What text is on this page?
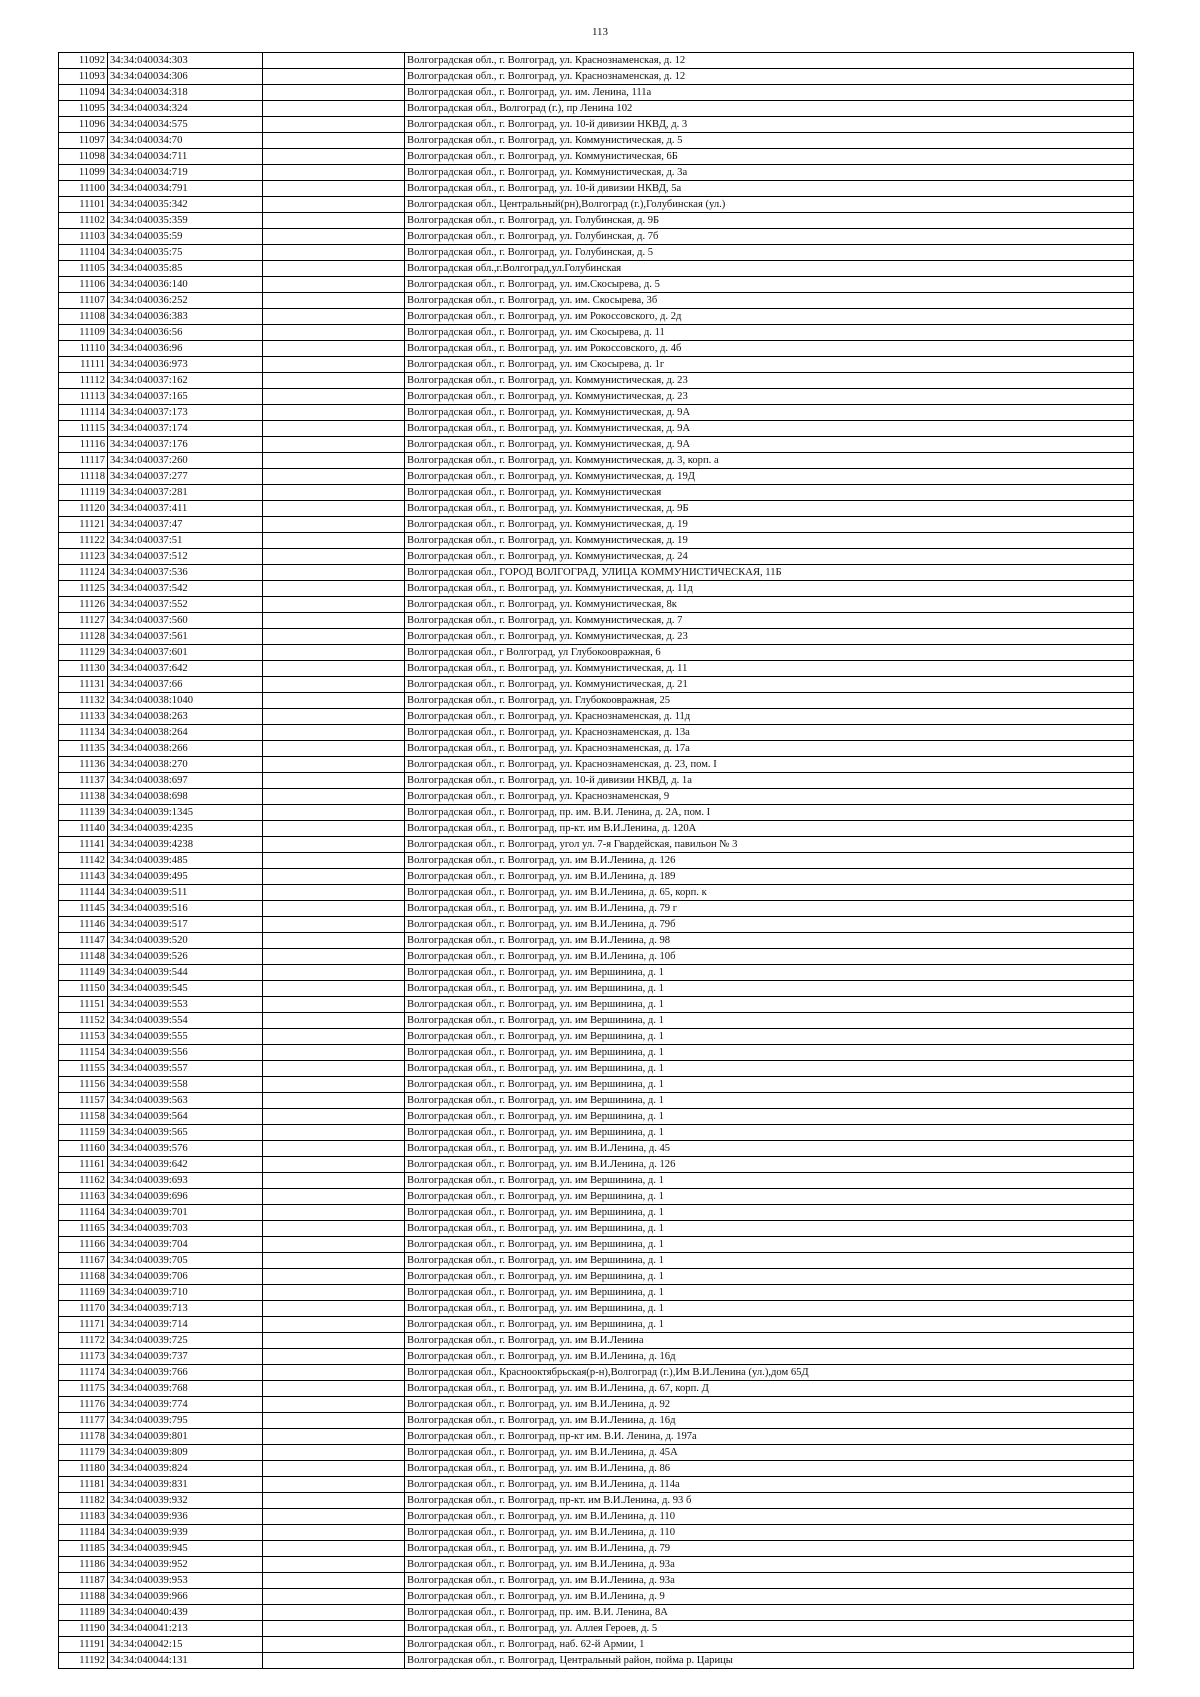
113
11092	34:34:040034:303		Волгоградская обл., г. Волгоград, ул. Краснознаменская, д. 12
11093	34:34:040034:306		Волгоградская обл., г. Волгоград, ул. Краснознаменская, д. 12
11094	34:34:040034:318		Волгоградская обл., г. Волгоград, ул. им. Ленина, 111а
11095	34:34:040034:324		Волгоградская обл., Волгоград (г.), пр Ленина 102
11096	34:34:040034:575		Волгоградская обл., г. Волгоград, ул. 10-й дивизии НКВД, д. 3
11097	34:34:040034:70		Волгоградская обл., г. Волгоград, ул. Коммунистическая, д. 5
11098	34:34:040034:711		Волгоградская обл., г. Волгоград, ул. Коммунистическая, 6Б
11099	34:34:040034:719		Волгоградская обл., г. Волгоград, ул. Коммунистическая, д. 3а
11100	34:34:040034:791		Волгоградская обл., г. Волгоград, ул. 10-й дивизии НКВД, 5а
11101	34:34:040035:342		Волгоградская обл., Центральный(рн),Волгоград (г.),Голубинская (ул.)
11102	34:34:040035:359		Волгоградская обл., г. Волгоград, ул. Голубинская, д. 9Б
11103	34:34:040035:59		Волгоградская обл., г. Волгоград, ул. Голубинская, д. 7б
11104	34:34:040035:75		Волгоградская обл., г. Волгоград, ул. Голубинская, д. 5
11105	34:34:040035:85		Волгоградская обл.,г.Волгоград,ул.Голубинская
11106	34:34:040036:140		Волгоградская обл., г. Волгоград, ул. им.Скосырева, д. 5
11107	34:34:040036:252		Волгоградская обл., г. Волгоград, ул. им. Скосырева, 3б
11108	34:34:040036:383		Волгоградская обл., г. Волгоград, ул. им Рокоссовского, д. 2д
11109	34:34:040036:56		Волгоградская обл., г. Волгоград, ул. им Скосырева, д. 11
11110	34:34:040036:96		Волгоградская обл., г. Волгоград, ул. им Рокоссовского, д. 4б
11111	34:34:040036:973		Волгоградская обл., г. Волгоград, ул. им Скосырева, д. 1г
11112	34:34:040037:162		Волгоградская обл., г. Волгоград, ул. Коммунистическая, д. 23
11113	34:34:040037:165		Волгоградская обл., г. Волгоград, ул. Коммунистическая, д. 23
11114	34:34:040037:173		Волгоградская обл., г. Волгоград, ул. Коммунистическая, д. 9А
11115	34:34:040037:174		Волгоградская обл., г. Волгоград, ул. Коммунистическая, д. 9А
11116	34:34:040037:176		Волгоградская обл., г. Волгоград, ул. Коммунистическая, д. 9А
11117	34:34:040037:260		Волгоградская обл., г. Волгоград, ул. Коммунистическая, д. 3, корп. а
11118	34:34:040037:277		Волгоградская обл., г. Волгоград, ул. Коммунистическая, д. 19Д
11119	34:34:040037:281		Волгоградская обл., г. Волгоград, ул. Коммунистическая
11120	34:34:040037:411		Волгоградская обл., г. Волгоград, ул. Коммунистическая, д. 9Б
11121	34:34:040037:47		Волгоградская обл., г. Волгоград, ул. Коммунистическая, д. 19
11122	34:34:040037:51		Волгоградская обл., г. Волгоград, ул. Коммунистическая, д. 19
11123	34:34:040037:512		Волгоградская обл., г. Волгоград, ул. Коммунистическая, д. 24
11124	34:34:040037:536		Волгоградская обл., ГОРОД ВОЛГОГРАД, УЛИЦА КОММУНИСТИЧЕСКАЯ, 11Б
11125	34:34:040037:542		Волгоградская обл., г. Волгоград, ул. Коммунистическая, д. 11д
11126	34:34:040037:552		Волгоградская обл., г. Волгоград, ул. Коммунистическая, 8к
11127	34:34:040037:560		Волгоградская обл., г. Волгоград, ул. Коммунистическая, д. 7
11128	34:34:040037:561		Волгоградская обл., г. Волгоград, ул. Коммунистическая, д. 23
11129	34:34:040037:601		Волгоградская обл., г Волгоград, ул Глубокоовражная, 6
11130	34:34:040037:642		Волгоградская обл., г. Волгоград, ул. Коммунистическая, д. 11
11131	34:34:040037:66		Волгоградская обл., г. Волгоград, ул. Коммунистическая, д. 21
11132	34:34:040038:1040		Волгоградская обл., г. Волгоград, ул. Глубокоовражная, 25
11133	34:34:040038:263		Волгоградская обл., г. Волгоград, ул. Краснознаменская, д. 11д
11134	34:34:040038:264		Волгоградская обл., г. Волгоград, ул. Краснознаменская, д. 13а
11135	34:34:040038:266		Волгоградская обл., г. Волгоград, ул. Краснознаменская, д. 17а
11136	34:34:040038:270		Волгоградская обл., г. Волгоград, ул. Краснознаменская, д. 23, пом. I
11137	34:34:040038:697		Волгоградская обл., г. Волгоград, ул. 10-й дивизии НКВД, д. 1а
11138	34:34:040038:698		Волгоградская обл., г. Волгоград, ул. Краснознаменская, 9
11139	34:34:040039:1345		Волгоградская обл., г. Волгоград, пр. им. В.И. Ленина, д. 2А, пом. I
11140	34:34:040039:4235		Волгоградская обл., г. Волгоград, пр-кт. им В.И.Ленина, д. 120А
11141	34:34:040039:4238		Волгоградская обл., г. Волгоград, угол ул. 7-я Гвардейская, павильон № 3
11142	34:34:040039:485		Волгоградская обл., г. Волгоград, ул. им В.И.Ленина, д. 126
11143	34:34:040039:495		Волгоградская обл., г. Волгоград, ул. им В.И.Ленина, д. 189
11144	34:34:040039:511		Волгоградская обл., г. Волгоград, ул. им В.И.Ленина, д. 65, корп. к
11145	34:34:040039:516		Волгоградская обл., г. Волгоград, ул. им В.И.Ленина, д. 79 г
11146	34:34:040039:517		Волгоградская обл., г. Волгоград, ул. им В.И.Ленина, д. 79б
11147	34:34:040039:520		Волгоградская обл., г. Волгоград, ул. им В.И.Ленина, д. 98
11148	34:34:040039:526		Волгоградская обл., г. Волгоград, ул. им В.И.Ленина, д. 10б
11149	34:34:040039:544		Волгоградская обл., г. Волгоград, ул. им Вершинина, д. 1
11150	34:34:040039:545		Волгоградская обл., г. Волгоград, ул. им Вершинина, д. 1
11151	34:34:040039:553		Волгоградская обл., г. Волгоград, ул. им Вершинина, д. 1
11152	34:34:040039:554		Волгоградская обл., г. Волгоград, ул. им Вершинина, д. 1
11153	34:34:040039:555		Волгоградская обл., г. Волгоград, ул. им Вершинина, д. 1
11154	34:34:040039:556		Волгоградская обл., г. Волгоград, ул. им Вершинина, д. 1
11155	34:34:040039:557		Волгоградская обл., г. Волгоград, ул. им Вершинина, д. 1
11156	34:34:040039:558		Волгоградская обл., г. Волгоград, ул. им Вершинина, д. 1
11157	34:34:040039:563		Волгоградская обл., г. Волгоград, ул. им Вершинина, д. 1
11158	34:34:040039:564		Волгоградская обл., г. Волгоград, ул. им Вершинина, д. 1
11159	34:34:040039:565		Волгоградская обл., г. Волгоград, ул. им Вершинина, д. 1
11160	34:34:040039:576		Волгоградская обл., г. Волгоград, ул. им В.И.Ленина, д. 45
11161	34:34:040039:642		Волгоградская обл., г. Волгоград, ул. им В.И.Ленина, д. 126
11162	34:34:040039:693		Волгоградская обл., г. Волгоград, ул. им Вершинина, д. 1
11163	34:34:040039:696		Волгоградская обл., г. Волгоград, ул. им Вершинина, д. 1
11164	34:34:040039:701		Волгоградская обл., г. Волгоград, ул. им Вершинина, д. 1
11165	34:34:040039:703		Волгоградская обл., г. Волгоград, ул. им Вершинина, д. 1
11166	34:34:040039:704		Волгоградская обл., г. Волгоград, ул. им Вершинина, д. 1
11167	34:34:040039:705		Волгоградская обл., г. Волгоград, ул. им Вершинина, д. 1
11168	34:34:040039:706		Волгоградская обл., г. Волгоград, ул. им Вершинина, д. 1
11169	34:34:040039:710		Волгоградская обл., г. Волгоград, ул. им Вершинина, д. 1
11170	34:34:040039:713		Волгоградская обл., г. Волгоград, ул. им Вершинина, д. 1
11171	34:34:040039:714		Волгоградская обл., г. Волгоград, ул. им Вершинина, д. 1
11172	34:34:040039:725		Волгоградская обл., г. Волгоград, ул. им В.И.Ленина
11173	34:34:040039:737		Волгоградская обл., г. Волгоград, ул. им В.И.Ленина, д. 16д
11174	34:34:040039:766		Волгоградская обл., Краснооктябрьская(р-н),Волгоград (г.),Им В.И.Ленина (ул.),дом 65Д
11175	34:34:040039:768		Волгоградская обл., г. Волгоград, ул. им В.И.Ленина, д. 67, корп. Д
11176	34:34:040039:774		Волгоградская обл., г. Волгоград, ул. им В.И.Ленина, д. 92
11177	34:34:040039:795		Волгоградская обл., г. Волгоград, ул. им В.И.Ленина, д. 16д
11178	34:34:040039:801		Волгоградская обл., г. Волгоград, пр-кт им. В.И. Ленина, д. 197а
11179	34:34:040039:809		Волгоградская обл., г. Волгоград, ул. им В.И.Ленина, д. 45А
11180	34:34:040039:824		Волгоградская обл., г. Волгоград, ул. им В.И.Ленина, д. 86
11181	34:34:040039:831		Волгоградская обл., г. Волгоград, ул. им В.И.Ленина, д. 114а
11182	34:34:040039:932		Волгоградская обл., г. Волгоград, пр-кт. им В.И.Ленина, д. 93 б
11183	34:34:040039:936		Волгоградская обл., г. Волгоград, ул. им В.И.Ленина, д. 110
11184	34:34:040039:939		Волгоградская обл., г. Волгоград, ул. им В.И.Ленина, д. 110
11185	34:34:040039:945		Волгоградская обл., г. Волгоград, ул. им В.И.Ленина, д. 79
11186	34:34:040039:952		Волгоградская обл., г. Волгоград, ул. им В.И.Ленина, д. 93а
11187	34:34:040039:953		Волгоградская обл., г. Волгоград, ул. им В.И.Ленина, д. 93а
11188	34:34:040039:966		Волгоградская обл., г. Волгоград, ул. им В.И.Ленина, д. 9
11189	34:34:040040:439		Волгоградская обл., г. Волгоград, пр. им. В.И. Ленина, 8А
11190	34:34:040041:213		Волгоградская обл., г. Волгоград, ул. Аллея Героев, д. 5
11191	34:34:040042:15		Волгоградская обл., г. Волгоград, наб. 62-й Армии, 1
11192	34:34:040044:131		Волгоградская обл., г. Волгоград, Центральный район, пойма р. Царицы
